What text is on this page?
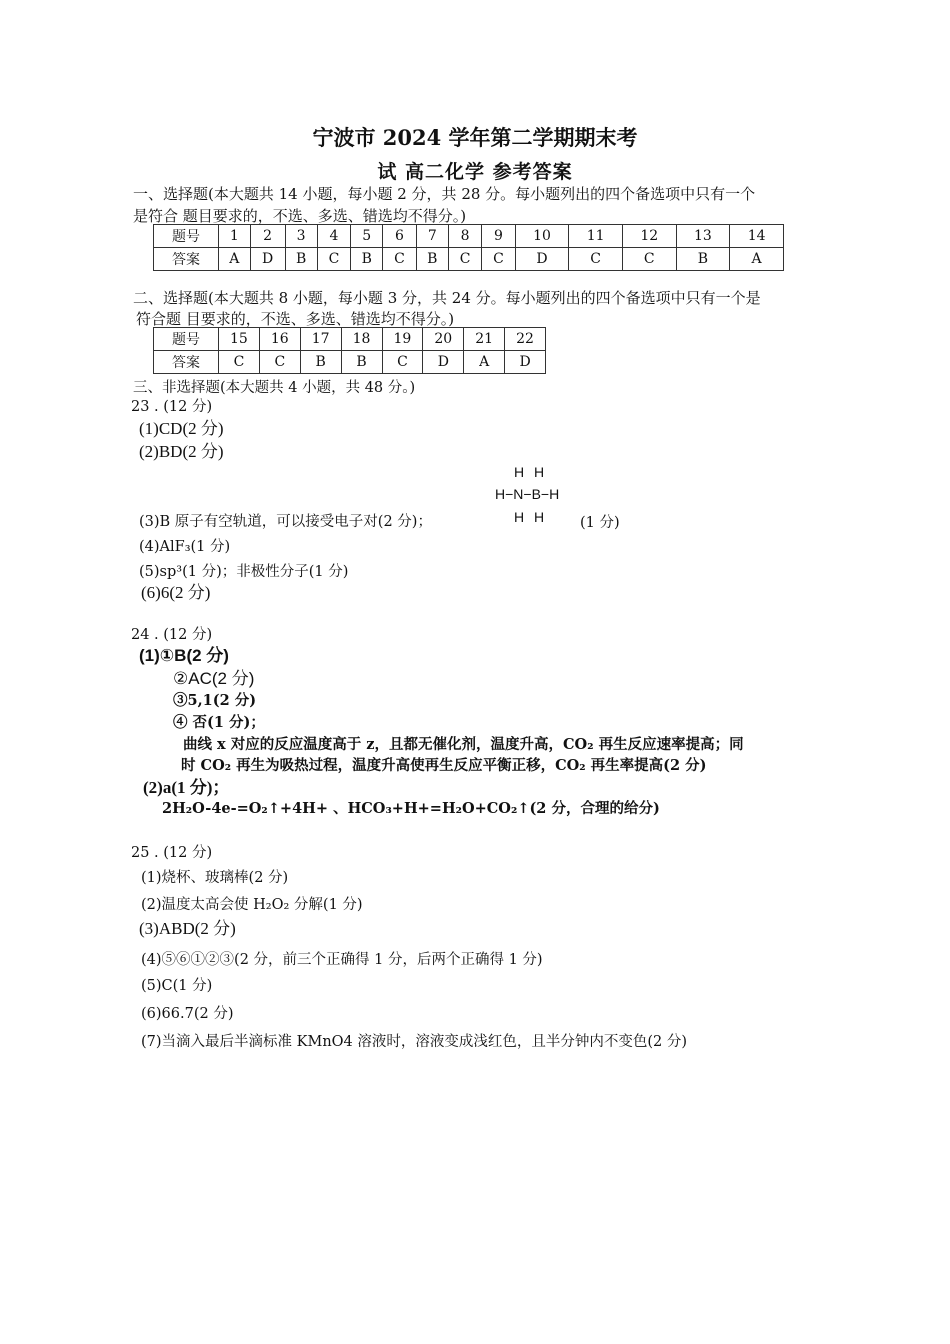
宁波市 2024 学年第二学期期末考
试 高二化学 参考答案
一、选择题(本大题共 14 小题，每小题 2 分，共 28 分。每小题列出的四个备选项中只有一个
是符合 题目要求的，不选、多选、错选均不得分。)
题号	1	2	3	4	5	6	7	8	9	10	11	12	13	14
答案	A	D	B	C	B	C	B	C	C	D	C	C	B	A
二、选择题(本大题共 8 小题，每小题 3 分，共 24 分。每小题列出的四个备选项中只有一个是
符合题 目要求的，不选、多选、错选均不得分。)
题号	15	16	17	18	19	20	21	22
答案	C	C	B	B	C	D	A	D
三、非选择题(本大题共 4 小题，共 48 分。)
23 . (12 分)
(1)CD(2 分)
(2)BD(2 分)
H H
H−N−B−H
H H
(3)B 原子有空轨道，可以接受电子对(2 分)；	(1 分)
(4)AlF₃(1 分)
(5)sp³(1 分)；非极性分子(1 分)
(6)6(2 分)
24 . (12 分)
(1)①B(2 分)
②AC(2 分)
③5,1(2 分)
④ 否(1 分)；
曲线 x 对应的反应温度高于 z，且都无催化剂，温度升高，CO₂ 再生反应速率提高；同
时 CO₂ 再生为吸热过程，温度升高使再生反应平衡正移，CO₂ 再生率提高(2 分)
(2)a(1 分)；
2H₂O-4e-=O₂↑+4H+ 、HCO₃+H+=H₂O+CO₂↑(2 分，合理的给分)
25 . (12 分)
(1)烧杯、玻璃棒(2 分)
(2)温度太高会使 H₂O₂ 分解(1 分)
(3)ABD(2 分)
(4)⑤⑥①②③(2 分，前三个正确得 1 分，后两个正确得 1 分)
(5)C(1 分)
(6)66.7(2 分)
(7)当滴入最后半滴标准 KMnO4 溶液时，溶液变成浅红色，且半分钟内不变色(2 分)
